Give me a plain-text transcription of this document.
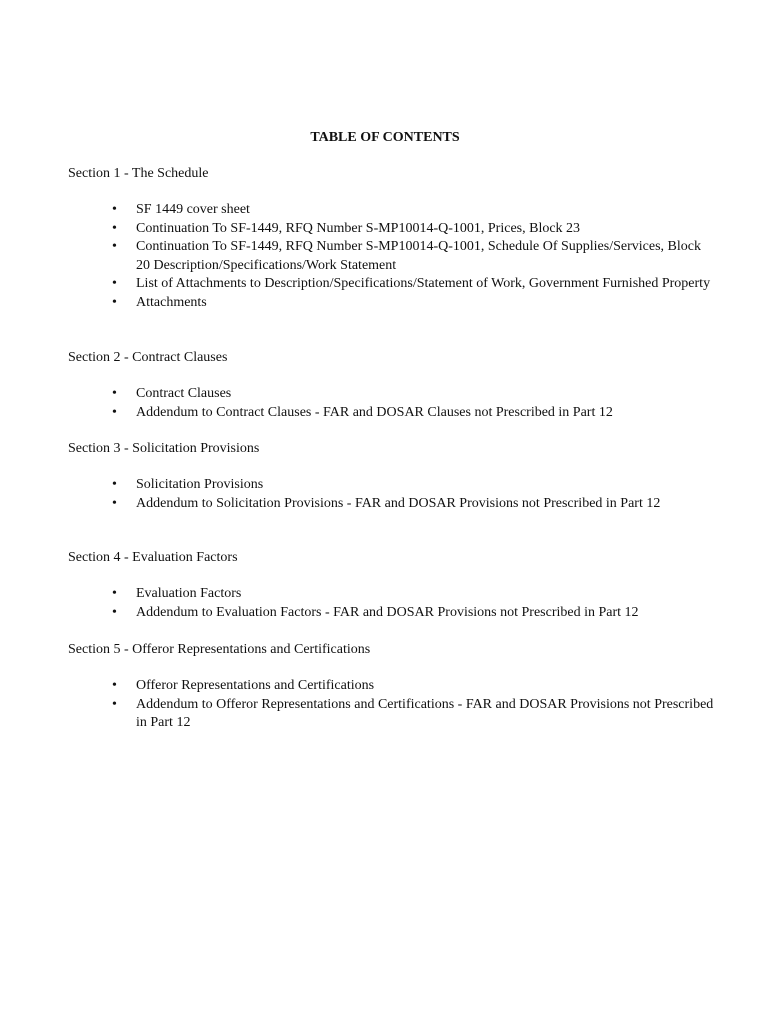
TABLE OF CONTENTS
Section 1 - The Schedule
• SF 1449 cover sheet
• Continuation To SF-1449, RFQ Number S-MP10014-Q-1001, Prices, Block 23
• Continuation To SF-1449, RFQ Number S-MP10014-Q-1001, Schedule Of Supplies/Services, Block 20 Description/Specifications/Work Statement
• List of Attachments to Description/Specifications/Statement of Work, Government Furnished Property
• Attachments
Section 2 - Contract Clauses
• Contract Clauses
• Addendum to Contract Clauses - FAR and DOSAR Clauses not Prescribed in Part 12
Section 3 - Solicitation Provisions
• Solicitation Provisions
• Addendum to Solicitation Provisions - FAR and DOSAR Provisions not Prescribed in Part 12
Section 4 - Evaluation Factors
• Evaluation Factors
• Addendum to Evaluation Factors - FAR and DOSAR Provisions not Prescribed in Part 12
Section 5 - Offeror Representations and Certifications
• Offeror Representations and Certifications
• Addendum to Offeror Representations and Certifications - FAR and DOSAR Provisions not Prescribed in Part 12
